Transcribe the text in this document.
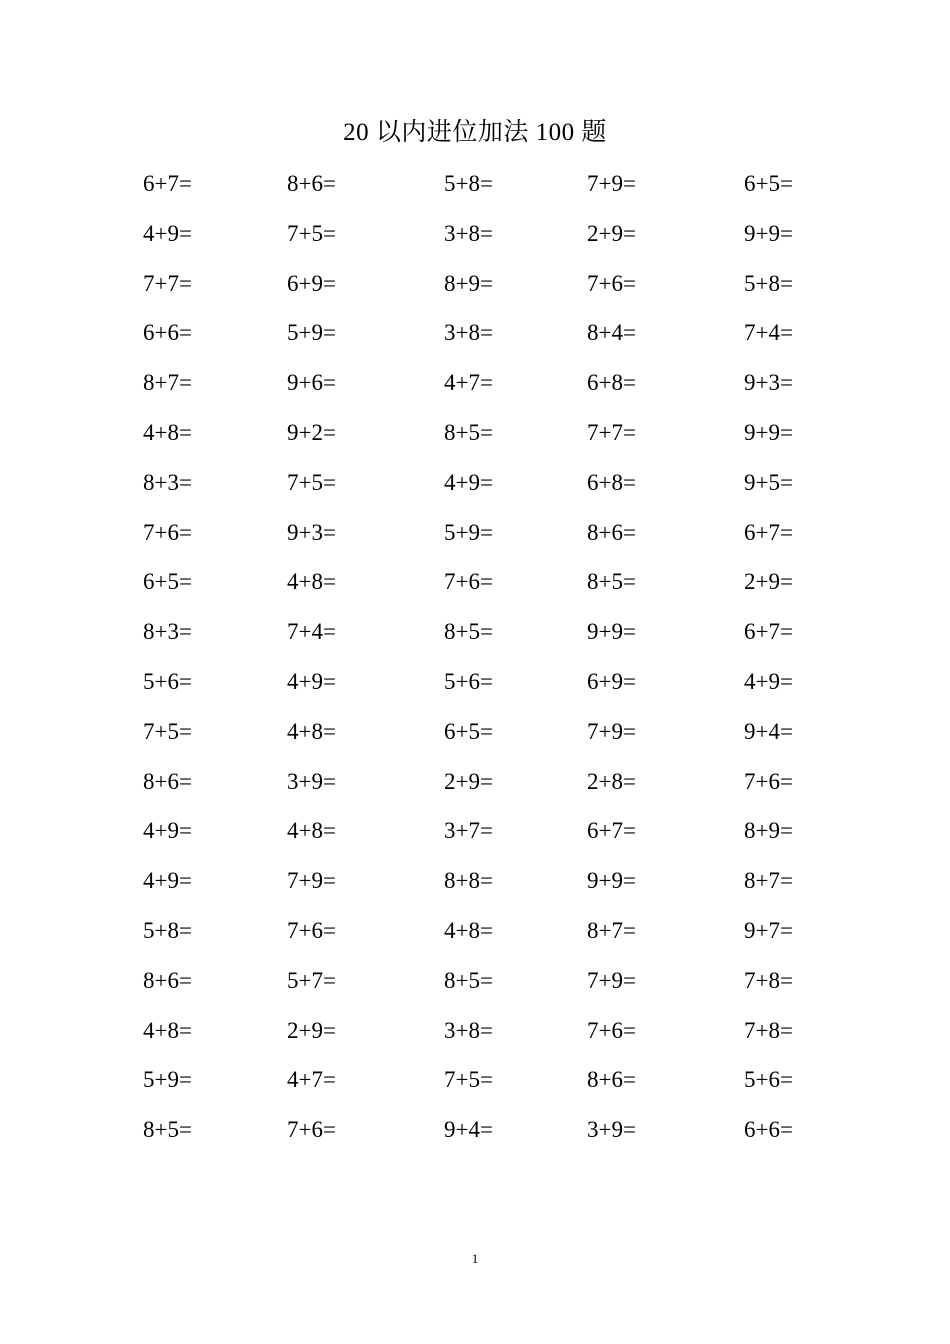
20 以内进位加法 100 题
6+7=	8+6=	5+8=	7+9=	6+5=
4+9=	7+5=	3+8=	2+9=	9+9=
7+7=	6+9=	8+9=	7+6=	5+8=
6+6=	5+9=	3+8=	8+4=	7+4=
8+7=	9+6=	4+7=	6+8=	9+3=
4+8=	9+2=	8+5=	7+7=	9+9=
8+3=	7+5=	4+9=	6+8=	9+5=
7+6=	9+3=	5+9=	8+6=	6+7=
6+5=	4+8=	7+6=	8+5=	2+9=
8+3=	7+4=	8+5=	9+9=	6+7=
5+6=	4+9=	5+6=	6+9=	4+9=
7+5=	4+8=	6+5=	7+9=	9+4=
8+6=	3+9=	2+9=	2+8=	7+6=
4+9=	4+8=	3+7=	6+7=	8+9=
4+9=	7+9=	8+8=	9+9=	8+7=
5+8=	7+6=	4+8=	8+7=	9+7=
8+6=	5+7=	8+5=	7+9=	7+8=
4+8=	2+9=	3+8=	7+6=	7+8=
5+9=	4+7=	7+5=	8+6=	5+6=
8+5=	7+6=	9+4=	3+9=	6+6=
1
